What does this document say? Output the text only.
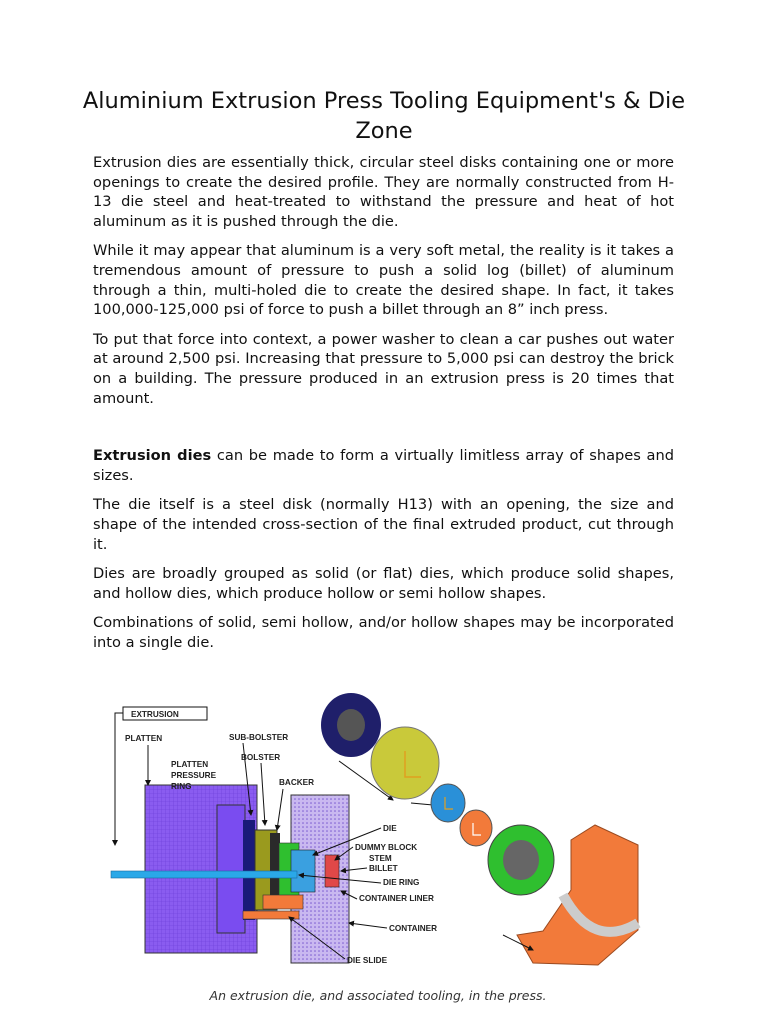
Aluminium Extrusion Press Tooling Equipment's & Die Zone

Extrusion dies are essentially thick, circular steel disks containing one or more openings to create the desired profile. They are normally constructed from H-13 die steel and heat-treated to withstand the pressure and heat of hot aluminum as it is pushed through the die.

While it may appear that aluminum is a very soft metal, the reality is it takes a tremendous amount of pressure to push a solid log (billet) of aluminum through a thin, multi-holed die to create the desired shape. In fact, it takes 100,000-125,000 psi of force to push a billet through an 8” inch press.

To put that force into context, a power washer to clean a car pushes out water at around 2,500 psi. Increasing that pressure to 5,000 psi can destroy the brick on a building. The pressure produced in an extrusion press is 20 times that amount.

Extrusion dies can be made to form a virtually limitless array of shapes and sizes.

The die itself is a steel disk (normally H13) with an opening, the size and shape of the intended cross-section of the final extruded product, cut through it.

Dies are broadly grouped as solid (or flat) dies, which produce solid shapes, and hollow dies, which produce hollow or semi hollow shapes.

Combinations of solid, semi hollow, and/or hollow shapes may be incorporated into a single die.

EXTRUSION
PLATTEN
PLATTEN
PRESSURE
RING
SUB-BOLSTER
BOLSTER
BACKER
DIE
DUMMY BLOCK
STEM
BILLET
DIE RING
CONTAINER LINER
CONTAINER
DIE SLIDE
An extrusion die, and associated tooling, in the press.
